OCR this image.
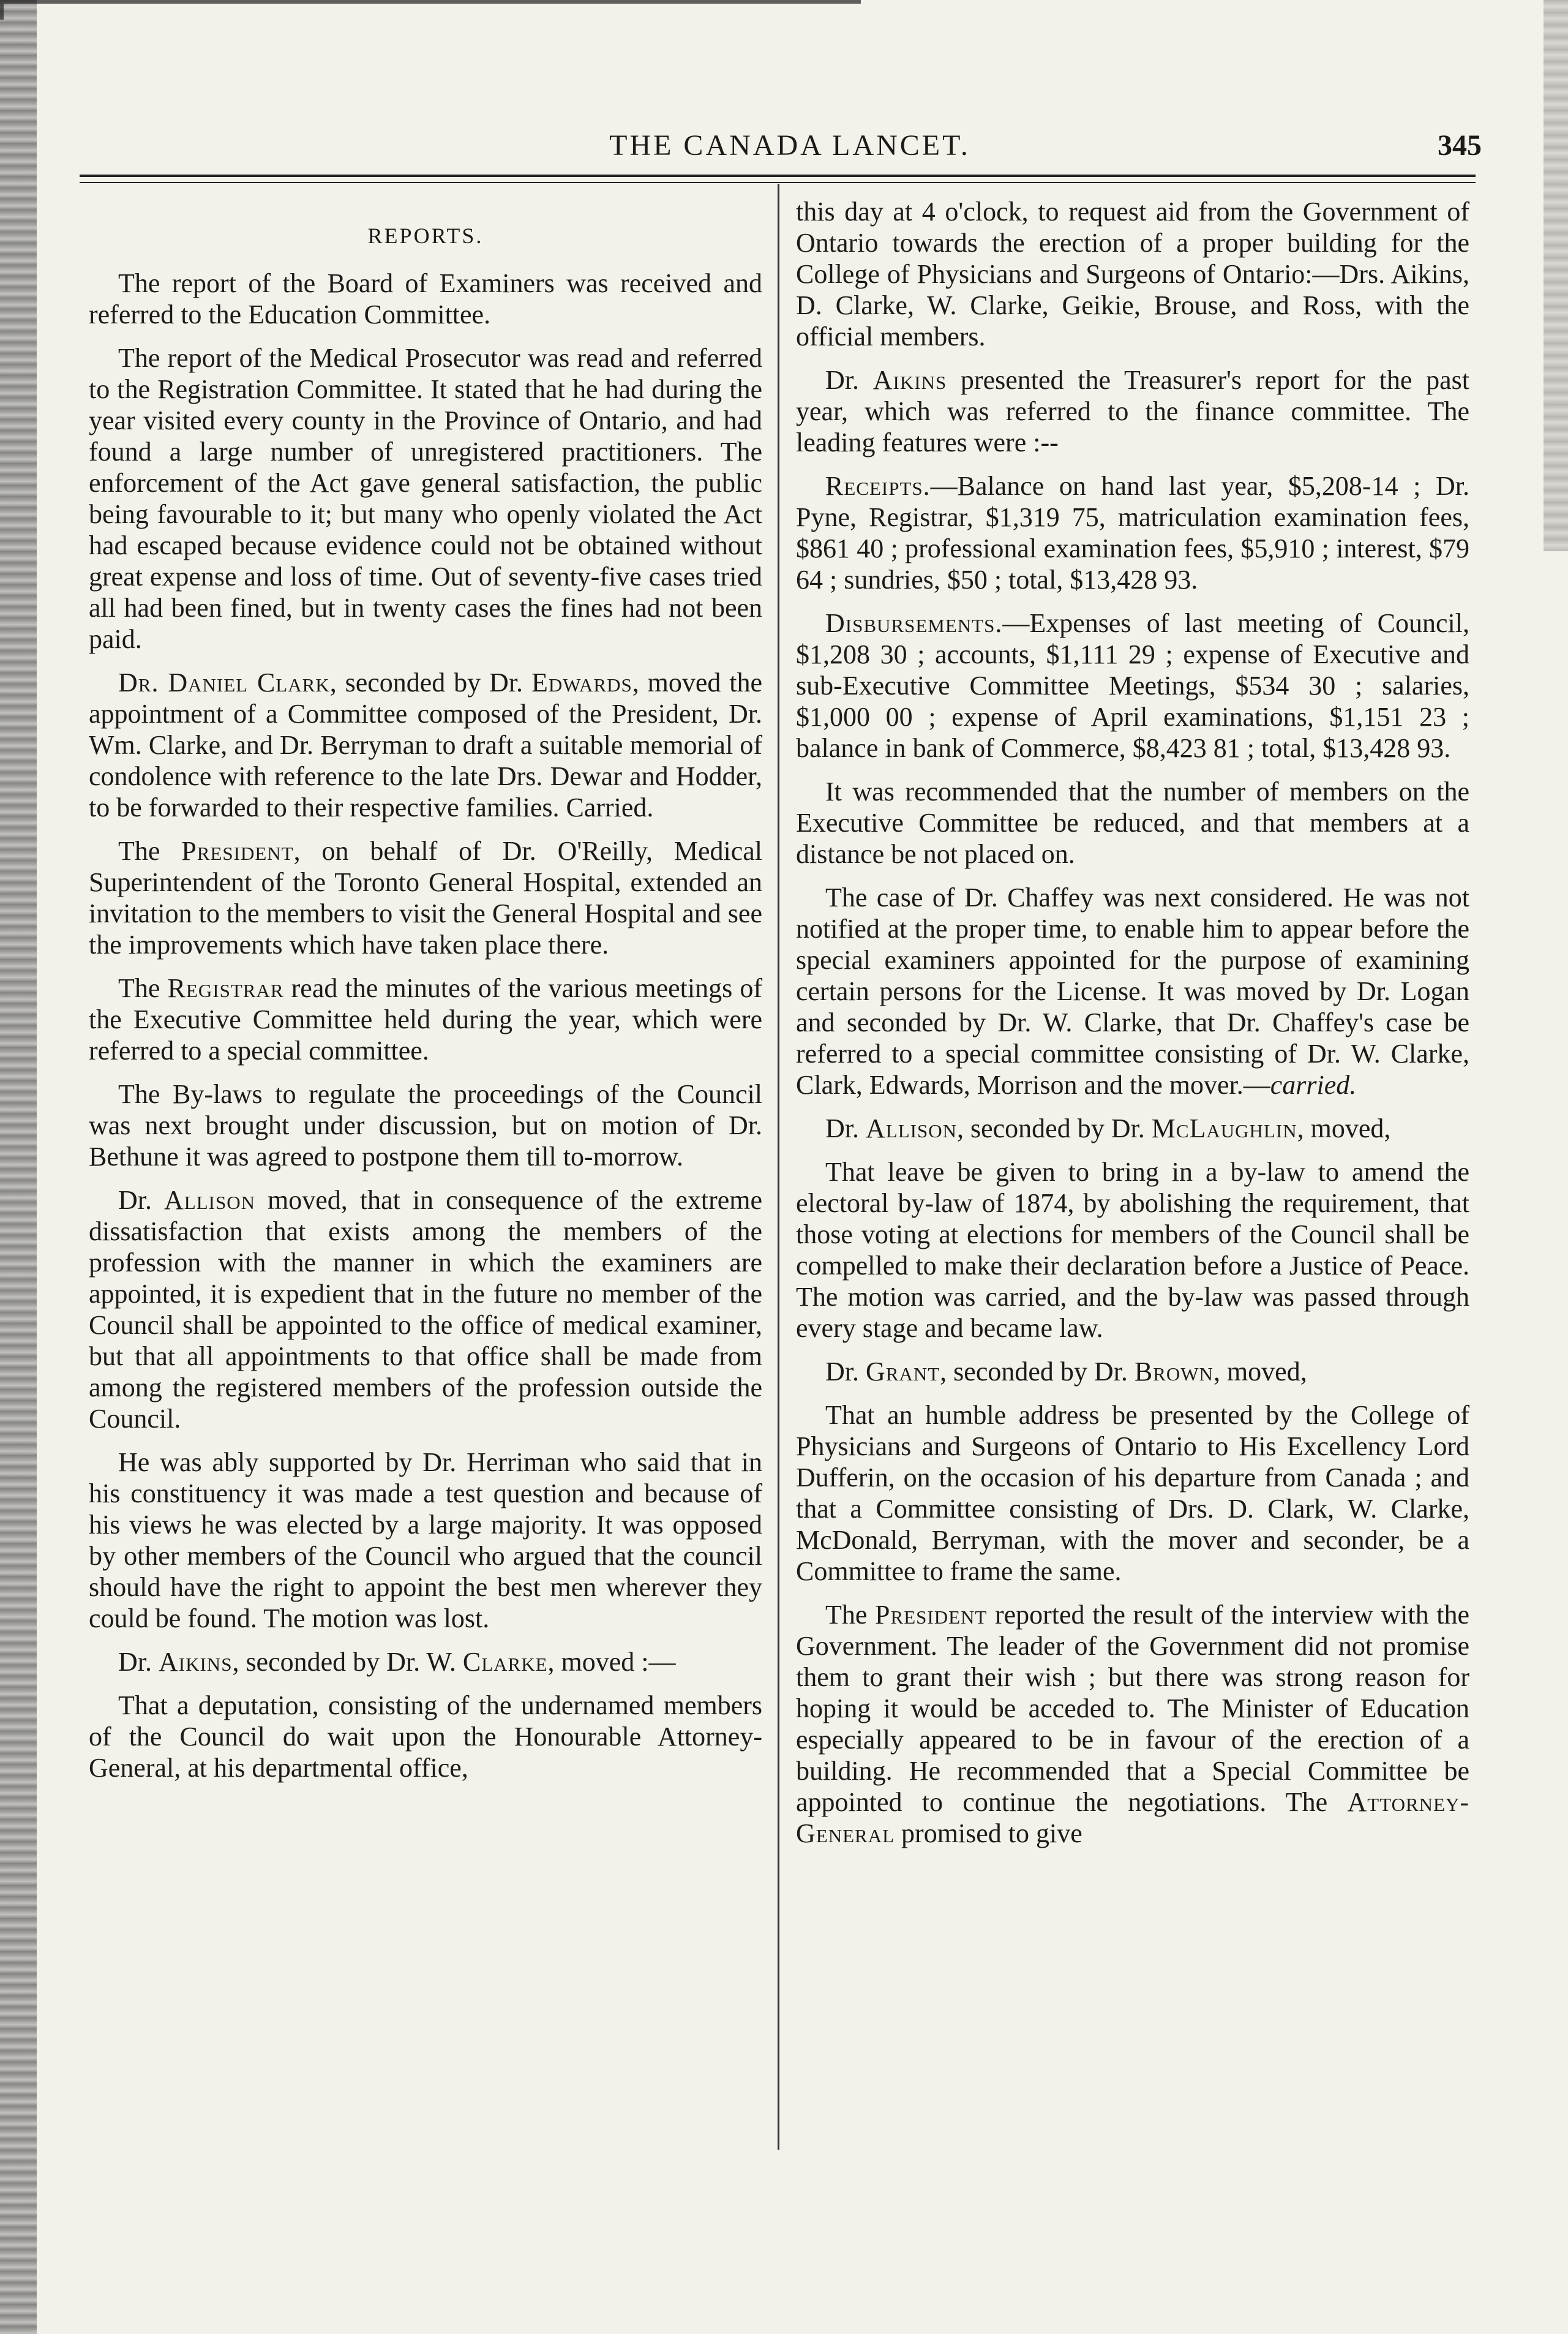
THE CANADA LANCET.	345
REPORTS.

The report of the Board of Examiners was received and referred to the Education Committee.

The report of the Medical Prosecutor was read and referred to the Registration Committee. It stated that he had during the year visited every county in the Province of Ontario, and had found a large number of unregistered practitioners. The enforcement of the Act gave general satisfaction, the public being favourable to it; but many who openly violated the Act had escaped because evidence could not be obtained without great expense and loss of time. Out of seventy-five cases tried all had been fined, but in twenty cases the fines had not been paid.

Dr. Daniel Clark, seconded by Dr. Edwards, moved the appointment of a Committee composed of the President, Dr. Wm. Clarke, and Dr. Berryman to draft a suitable memorial of condolence with reference to the late Drs. Dewar and Hodder, to be forwarded to their respective families. Carried.

The President, on behalf of Dr. O'Reilly, Medical Superintendent of the Toronto General Hospital, extended an invitation to the members to visit the General Hospital and see the improvements which have taken place there.

The Registrar read the minutes of the various meetings of the Executive Committee held during the year, which were referred to a special committee.

The By-laws to regulate the proceedings of the Council was next brought under discussion, but on motion of Dr. Bethune it was agreed to postpone them till to-morrow.

Dr. Allison moved, that in consequence of the extreme dissatisfaction that exists among the members of the profession with the manner in which the examiners are appointed, it is expedient that in the future no member of the Council shall be appointed to the office of medical examiner, but that all appointments to that office shall be made from among the registered members of the profession outside the Council.

He was ably supported by Dr. Herriman who said that in his constituency it was made a test question and because of his views he was elected by a large majority. It was opposed by other members of the Council who argued that the council should have the right to appoint the best men wherever they could be found. The motion was lost.

Dr. Aikins, seconded by Dr. W. Clarke, moved :—

That a deputation, consisting of the undernamed members of the Council do wait upon the Honourable Attorney-General, at his departmental office,

this day at 4 o'clock, to request aid from the Government of Ontario towards the erection of a proper building for the College of Physicians and Surgeons of Ontario:—Drs. Aikins, D. Clarke, W. Clarke, Geikie, Brouse, and Ross, with the official members.

Dr. Aikins presented the Treasurer's report for the past year, which was referred to the finance committee. The leading features were :--

Receipts.—Balance on hand last year, $5,208-14 ; Dr. Pyne, Registrar, $1,319 75, matriculation examination fees, $861 40 ; professional examination fees, $5,910 ; interest, $79 64 ; sundries, $50 ; total, $13,428 93.

Disbursements.—Expenses of last meeting of Council, $1,208 30 ; accounts, $1,111 29 ; expense of Executive and sub-Executive Committee Meetings, $534 30 ; salaries, $1,000 00 ; expense of April examinations, $1,151 23 ; balance in bank of Commerce, $8,423 81 ; total, $13,428 93.

It was recommended that the number of members on the Executive Committee be reduced, and that members at a distance be not placed on.

The case of Dr. Chaffey was next considered. He was not notified at the proper time, to enable him to appear before the special examiners appointed for the purpose of examining certain persons for the License. It was moved by Dr. Logan and seconded by Dr. W. Clarke, that Dr. Chaffey's case be referred to a special committee consisting of Dr. W. Clarke, Clark, Edwards, Morrison and the mover.—carried.

Dr. Allison, seconded by Dr. McLaughlin, moved,

That leave be given to bring in a by-law to amend the electoral by-law of 1874, by abolishing the requirement, that those voting at elections for members of the Council shall be compelled to make their declaration before a Justice of Peace. The motion was carried, and the by-law was passed through every stage and became law.

Dr. Grant, seconded by Dr. Brown, moved,

That an humble address be presented by the College of Physicians and Surgeons of Ontario to His Excellency Lord Dufferin, on the occasion of his departure from Canada ; and that a Committee consisting of Drs. D. Clark, W. Clarke, McDonald, Berryman, with the mover and seconder, be a Committee to frame the same.

The President reported the result of the interview with the Government. The leader of the Government did not promise them to grant their wish ; but there was strong reason for hoping it would be acceded to. The Minister of Education especially appeared to be in favour of the erection of a building. He recommended that a Special Committee be appointed to continue the negotiations. The Attorney-General promised to give
